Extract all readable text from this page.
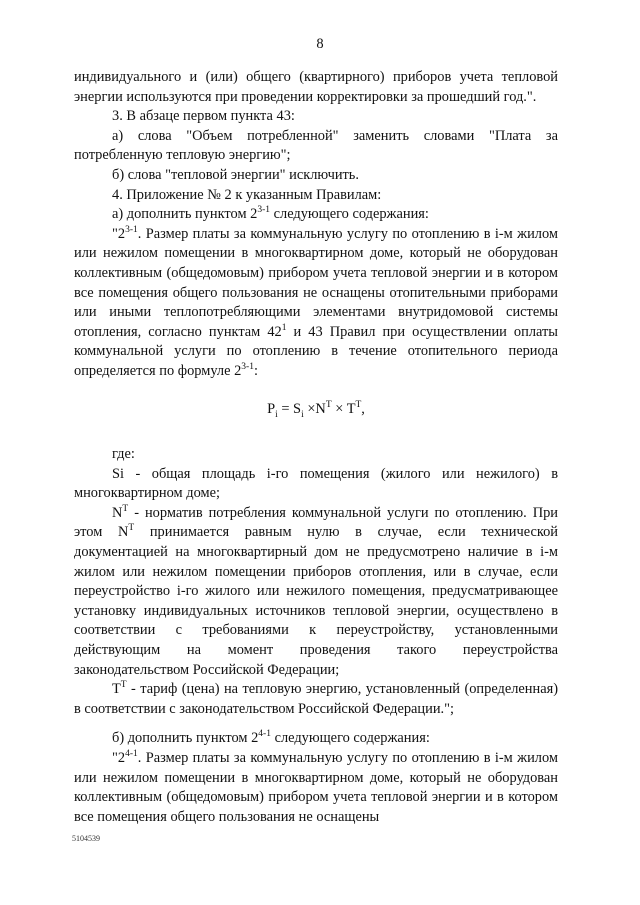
8

индивидуального и (или) общего (квартирного) приборов учета тепловой энергии используются при проведении корректировки за прошедший год.".

3. В абзаце первом пункта 43:

а) слова "Объем потребленной" заменить словами "Плата за потребленную тепловую энергию";

б) слова "тепловой энергии" исключить.

4. Приложение № 2 к указанным Правилам:

а) дополнить пунктом 2$^{3-1}$ следующего содержания:

"2$^{3-1}$. Размер платы за коммунальную услугу по отоплению в i-м жилом или нежилом помещении в многоквартирном доме, который не оборудован коллективным (общедомовым) прибором учета тепловой энергии и в котором все помещения общего пользования не оснащены отопительными приборами или иными теплопотребляющими элементами внутридомовой системы отопления, согласно пунктам $42^1$ и 43 Правил при осуществлении оплаты коммунальной услуги по отоплению в течение отопительного периода определяется по формуле 2$^{3-1}$:

$P_i = S_i \times N^T \times T^T$,

где:

Si - общая площадь i-го помещения (жилого или нежилого) в многоквартирном доме;

$N^T$ - норматив потребления коммунальной услуги по отоплению. При этом $N^T$ принимается равным нулю в случае, если технической документацией на многоквартирный дом не предусмотрено наличие в i-м жилом или нежилом помещении приборов отопления, или в случае, если переустройство i-го жилого или нежилого помещения, предусматривающее установку индивидуальных источников тепловой энергии, осуществлено в соответствии с требованиями к переустройству, установленными действующим на момент проведения такого переустройства законодательством Российской Федерации;

$T^T$ - тариф (цена) на тепловую энергию, установленный (определенная) в соответствии с законодательством Российской Федерации.";

б) дополнить пунктом 2$^{4-1}$ следующего содержания:

"2$^{4-1}$. Размер платы за коммунальную услугу по отоплению в i-м жилом или нежилом помещении в многоквартирном доме, который не оборудован коллективным (общедомовым) прибором учета тепловой энергии и в котором все помещения общего пользования не оснащены

5104539
